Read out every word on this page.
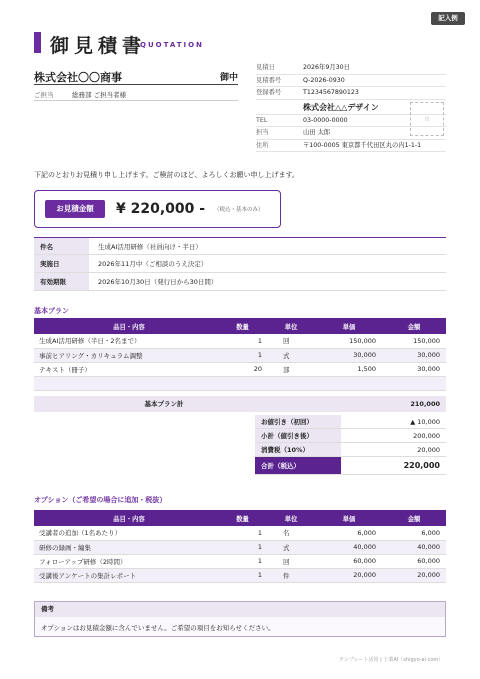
記入例
御見積書
QUOTATION
株式会社〇〇商事	御中
ご担当	総務部 ご担当者様
見積日	2026年9月30日
見積番号	Q-2026-0930
登録番号	T1234567890123
株式会社△△デザイン
TEL	03-0000-0000
担当	山田 太郎
住所	〒100-0005 東京都千代田区丸の内1-1-1
印
下記のとおりお見積り申し上げます。ご検討のほど、よろしくお願い申し上げます。
お見積金額	¥ 220,000 - （税込・基本のみ）
件名	生成AI活用研修（社員向け・半日）
実施日	2026年11月中（ご相談のうえ決定）
有効期限	2026年10月30日（発行日から30日間）
基本プラン
品目・内容	数量	単位	単価	金額
生成AI活用研修（半日・2名まで）	1	回	150,000	150,000
事前ヒアリング・カリキュラム調整	1	式	30,000	30,000
テキスト（冊子）	20	部	1,500	30,000

基本プラン計	210,000
お値引き（初回）	▲ 10,000
小計（値引き後）	200,000
消費税（10%）	20,000
合計（税込）	220,000
オプション（ご希望の場合に追加・税抜）
品目・内容	数量	単位	単価	金額
受講者の追加（1名あたり）	1	名	6,000	6,000
研修の録画・編集	1	式	40,000	40,000
フォローアップ研修（2時間）	1	回	60,000	60,000
受講後アンケートの集計レポート	1	件	20,000	20,000
備考
オプションはお見積金額に含んでいません。ご希望の項目をお知らせください。
テンプレート活用 | 士業AI（shigyo-ai.com）
